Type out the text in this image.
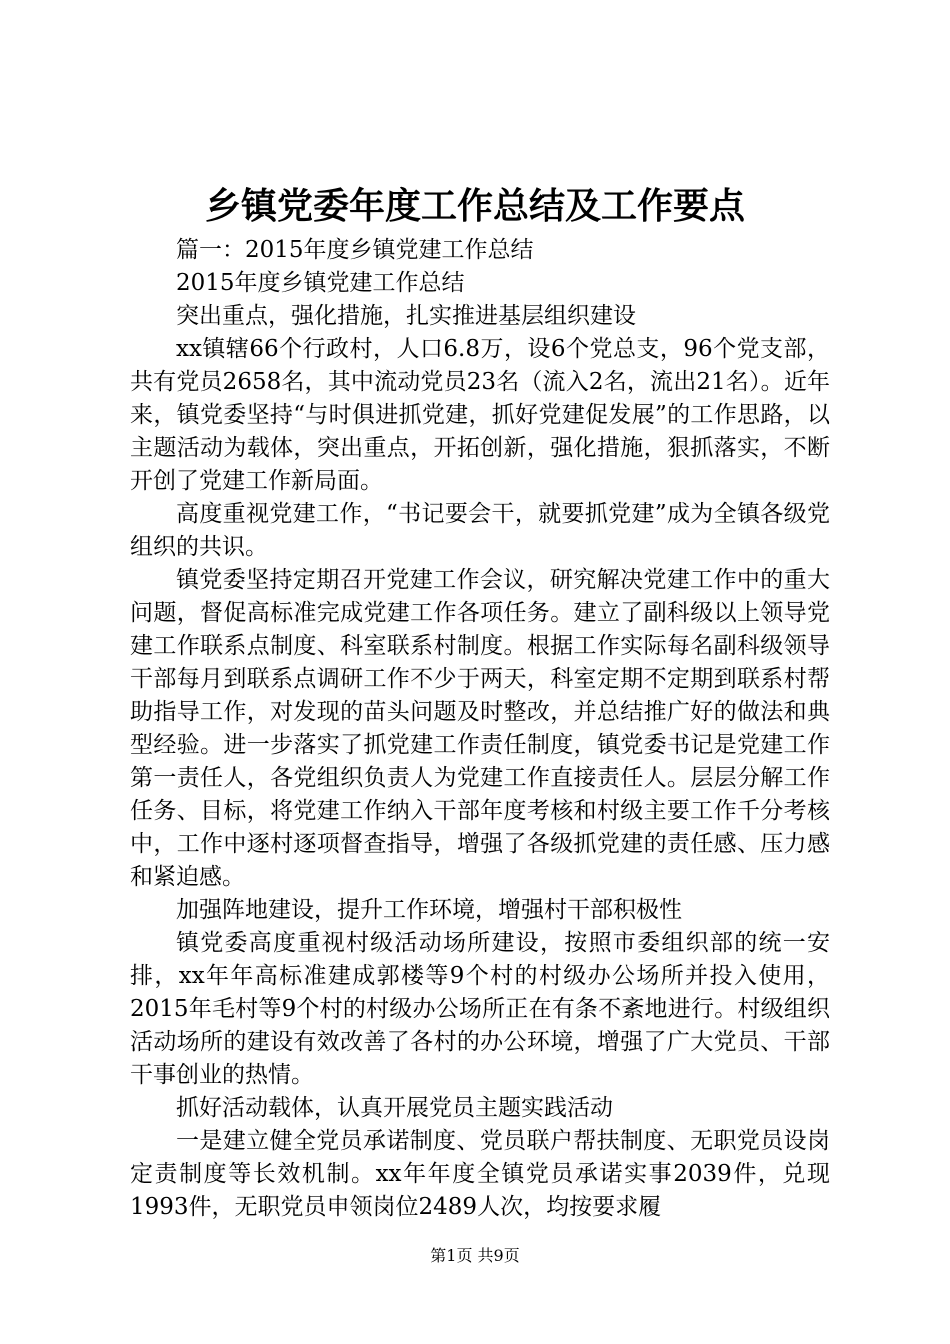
乡镇党委年度工作总结及工作要点

篇一：2015年度乡镇党建工作总结

2015年度乡镇党建工作总结

突出重点，强化措施，扎实推进基层组织建设

xx镇辖66个行政村，人口6.8万，设6个党总支，96个党支部，共有党员2658名，其中流动党员23名（流入2名，流出21名）。近年来，镇党委坚持“与时俱进抓党建，抓好党建促发展”的工作思路，以主题活动为载体，突出重点，开拓创新，强化措施，狠抓落实，不断开创了党建工作新局面。

高度重视党建工作，“书记要会干，就要抓党建”成为全镇各级党组织的共识。

镇党委坚持定期召开党建工作会议，研究解决党建工作中的重大问题，督促高标准完成党建工作各项任务。建立了副科级以上领导党建工作联系点制度、科室联系村制度。根据工作实际每名副科级领导干部每月到联系点调研工作不少于两天，科室定期不定期到联系村帮助指导工作，对发现的苗头问题及时整改，并总结推广好的做法和典型经验。进一步落实了抓党建工作责任制度，镇党委书记是党建工作第一责任人，各党组织负责人为党建工作直接责任人。层层分解工作任务、目标，将党建工作纳入干部年度考核和村级主要工作千分考核中，工作中逐村逐项督查指导，增强了各级抓党建的责任感、压力感和紧迫感。

加强阵地建设，提升工作环境，增强村干部积极性

镇党委高度重视村级活动场所建设，按照市委组织部的统一安排，xx年年高标准建成郭楼等9个村的村级办公场所并投入使用，2015年毛村等9个村的村级办公场所正在有条不紊地进行。村级组织活动场所的建设有效改善了各村的办公环境，增强了广大党员、干部干事创业的热情。

抓好活动载体，认真开展党员主题实践活动

一是建立健全党员承诺制度、党员联户帮扶制度、无职党员设岗定责制度等长效机制。xx年年度全镇党员承诺实事2039件，兑现1993件，无职党员申领岗位2489人次，均按要求履

第1页 共9页
